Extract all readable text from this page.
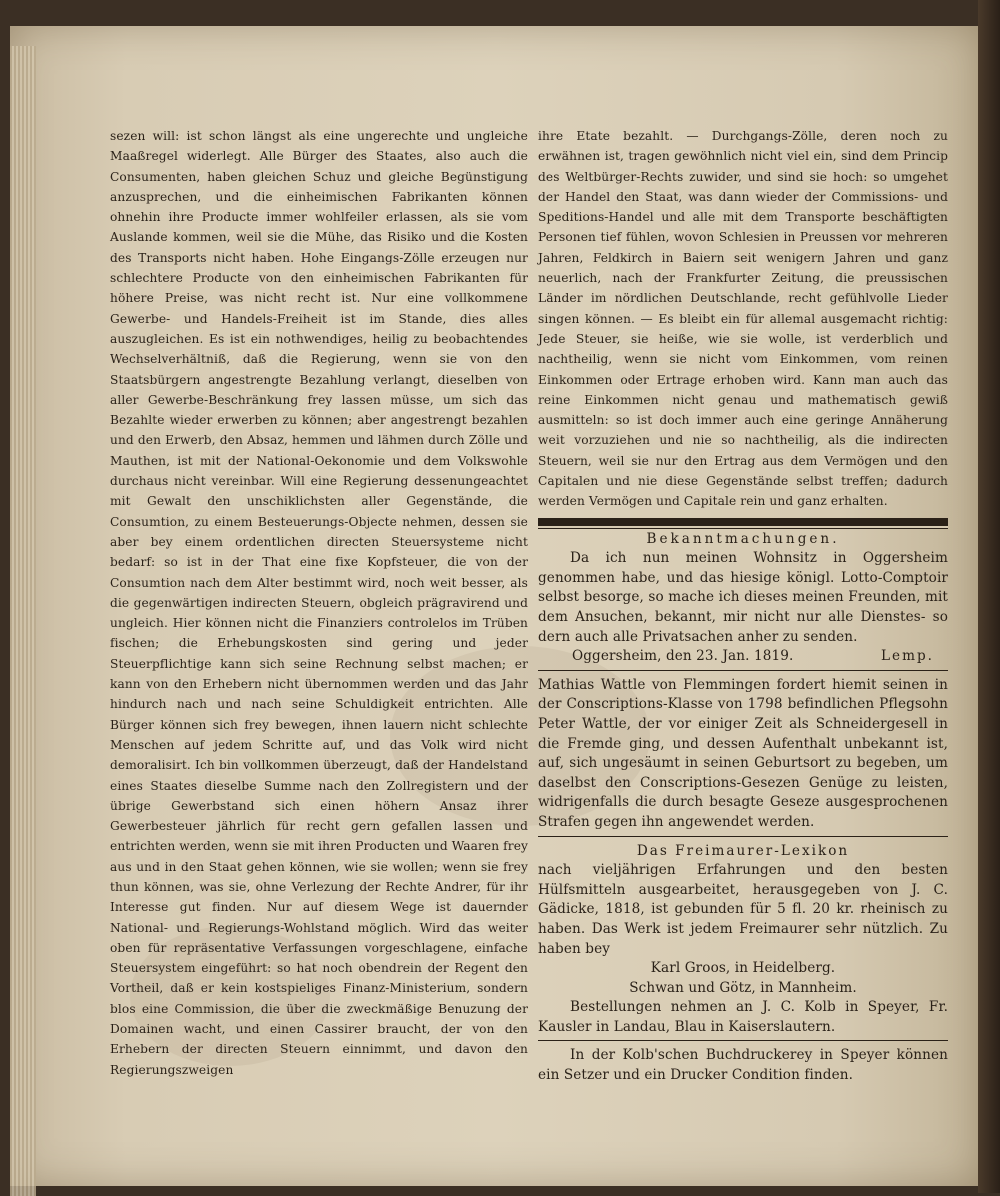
sezen will: ist schon längst als eine ungerechte und ungleiche Maaßregel widerlegt. Alle Bürger des Staates, also auch die Consumenten, haben gleichen Schuz und gleiche Begünstigung anzusprechen, und die einheimischen Fabrikanten können ohnehin ihre Producte immer wohlfeiler erlassen, als sie vom Auslande kommen, weil sie die Mühe, das Risiko und die Kosten des Transports nicht haben. Hohe Eingangs-Zölle erzeugen nur schlechtere Producte von den einheimischen Fabrikanten für höhere Preise, was nicht recht ist. Nur eine vollkommene Gewerbe- und Handels-Freiheit ist im Stande, dies alles auszugleichen. Es ist ein nothwendiges, heilig zu beobachtendes Wechselverhältniß, daß die Regierung, wenn sie von den Staatsbürgern angestrengte Bezahlung verlangt, dieselben von aller Gewerbe-Beschränkung frey lassen müsse, um sich das Bezahlte wieder erwerben zu können; aber angestrengt bezahlen und den Erwerb, den Absaz, hemmen und lähmen durch Zölle und Mauthen, ist mit der National-Oekonomie und dem Volkswohle durchaus nicht vereinbar. Will eine Regierung dessenungeachtet mit Gewalt den unschiklichsten aller Gegenstände, die Consumtion, zu einem Besteuerungs-Objecte nehmen, dessen sie aber bey einem ordentlichen directen Steuersysteme nicht bedarf: so ist in der That eine fixe Kopfsteuer, die von der Consumtion nach dem Alter bestimmt wird, noch weit besser, als die gegenwärtigen indirecten Steuern, obgleich prägravirend und ungleich. Hier können nicht die Finanziers controlelos im Trüben fischen; die Erhebungskosten sind gering und jeder Steuerpflichtige kann sich seine Rechnung selbst machen; er kann von den Erhebern nicht übernommen werden und das Jahr hindurch nach und nach seine Schuldigkeit entrichten. Alle Bürger können sich frey bewegen, ihnen lauern nicht schlechte Menschen auf jedem Schritte auf, und das Volk wird nicht demoralisirt. Ich bin vollkommen überzeugt, daß der Handelstand eines Staates dieselbe Summe nach den Zollregistern und der übrige Gewerbstand sich einen höhern Ansaz ihrer Gewerbesteuer jährlich für recht gern gefallen lassen und entrichten werden, wenn sie mit ihren Producten und Waaren frey aus und in den Staat gehen können, wie sie wollen; wenn sie frey thun können, was sie, ohne Verlezung der Rechte Andrer, für ihr Interesse gut finden. Nur auf diesem Wege ist dauernder National- und Regierungs-Wohlstand möglich. Wird das weiter oben für repräsentative Verfassungen vorgeschlagene, einfache Steuersystem eingeführt: so hat noch obendrein der Regent den Vortheil, daß er kein kostspieliges Finanz-Ministerium, sondern blos eine Commission, die über die zweckmäßige Benuzung der Domainen wacht, und einen Cassirer braucht, der von den Erhebern der directen Steuern einnimmt, und davon den Regierungszweigen

ihre Etate bezahlt. — Durchgangs-Zölle, deren noch zu erwähnen ist, tragen gewöhnlich nicht viel ein, sind dem Princip des Weltbürger-Rechts zuwider, und sind sie hoch: so umgehet der Handel den Staat, was dann wieder der Commissions- und Speditions-Handel und alle mit dem Transporte beschäftigten Personen tief fühlen, wovon Schlesien in Preussen vor mehreren Jahren, Feldkirch in Baiern seit wenigern Jahren und ganz neuerlich, nach der Frankfurter Zeitung, die preussischen Länder im nördlichen Deutschlande, recht gefühlvolle Lieder singen können. — Es bleibt ein für allemal ausgemacht richtig: Jede Steuer, sie heiße, wie sie wolle, ist verderblich und nachtheilig, wenn sie nicht vom Einkommen, vom reinen Einkommen oder Ertrage erhoben wird. Kann man auch das reine Einkommen nicht genau und mathematisch gewiß ausmitteln: so ist doch immer auch eine geringe Annäherung weit vorzuziehen und nie so nachtheilig, als die indirecten Steuern, weil sie nur den Ertrag aus dem Vermögen und den Capitalen und nie diese Gegenstände selbst treffen; dadurch werden Vermögen und Capitale rein und ganz erhalten.

Bekanntmachungen.

Da ich nun meinen Wohnsitz in Oggersheim genommen habe, und das hiesige königl. Lotto-Comptoir selbst besorge, so mache ich dieses meinen Freunden, mit dem Ansuchen, bekannt, mir nicht nur alle Dienstes- so dern auch alle Privatsachen anher zu senden.

Oggersheim, den 23. Jan. 1819.	Lemp.

Mathias Wattle von Flemmingen fordert hiemit seinen in der Conscriptions-Klasse von 1798 befindlichen Pflegsohn Peter Wattle, der vor einiger Zeit als Schneidergesell in die Fremde ging, und dessen Aufenthalt unbekannt ist, auf, sich ungesäumt in seinen Geburtsort zu begeben, um daselbst den Conscriptions-Gesezen Genüge zu leisten, widrigenfalls die durch besagte Geseze ausgesprochenen Strafen gegen ihn angewendet werden.

Das Freimaurer-Lexikon

nach vieljährigen Erfahrungen und den besten Hülfsmitteln ausgearbeitet, herausgegeben von J. C. Gädicke, 1818, ist gebunden für 5 fl. 20 kr. rheinisch zu haben. Das Werk ist jedem Freimaurer sehr nützlich. Zu haben bey

Karl Groos, in Heidelberg.
Schwan und Götz, in Mannheim.

Bestellungen nehmen an J. C. Kolb in Speyer, Fr. Kausler in Landau, Blau in Kaiserslautern.

In der Kolb'schen Buchdruckerey in Speyer können ein Setzer und ein Drucker Condition finden.
